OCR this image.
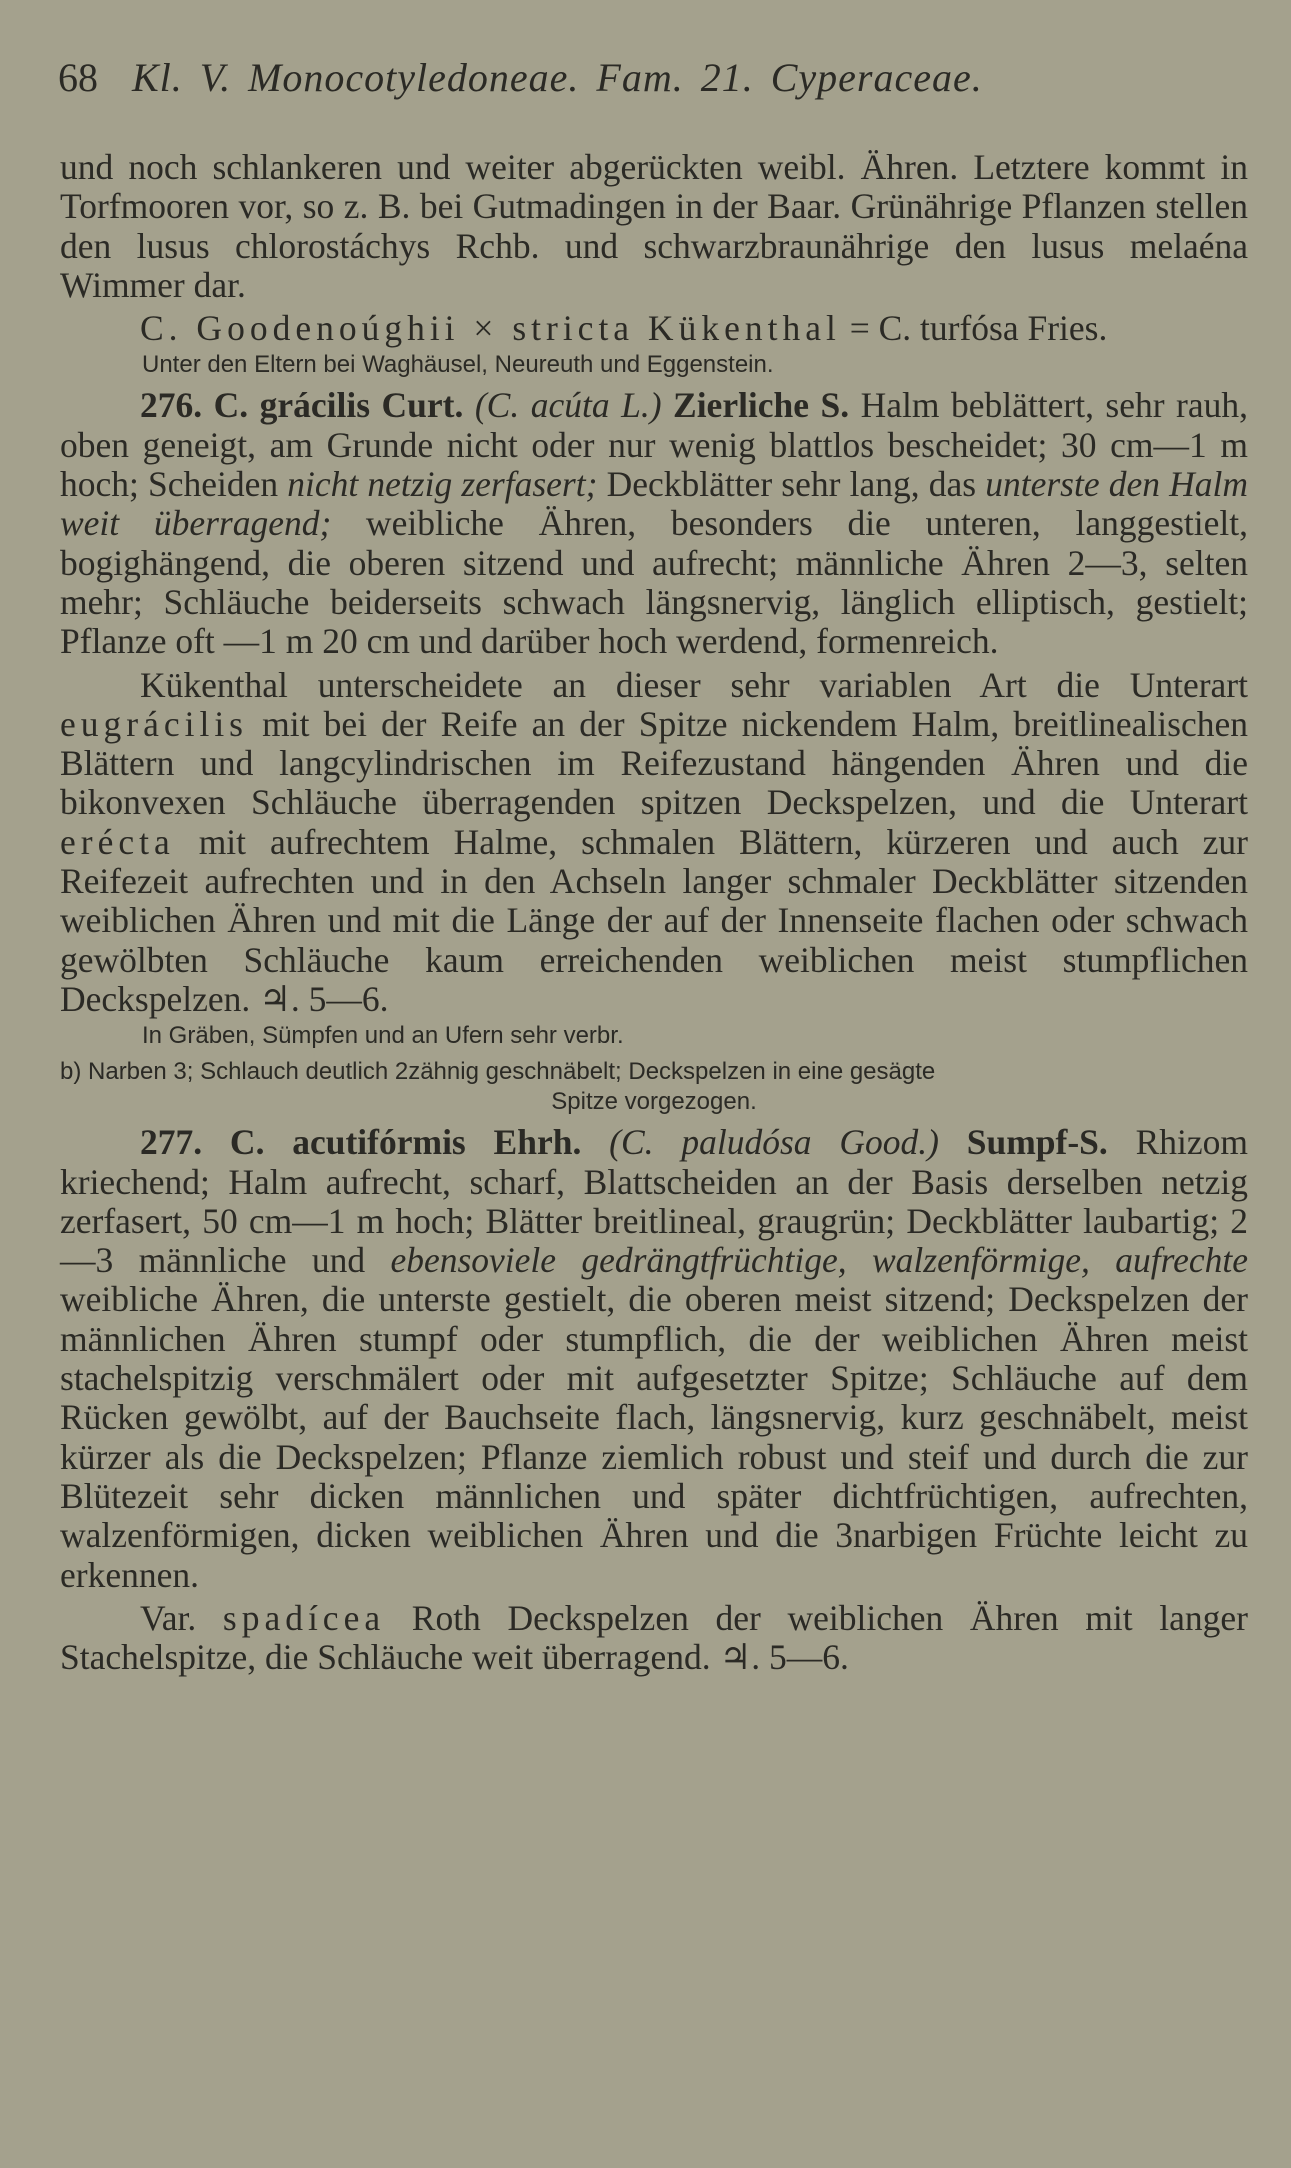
68 Kl. V. Monocotyledoneae. Fam. 21. Cyperaceae.

und noch schlankeren und weiter abgerückten weibl. Ähren. Letztere kommt in Torfmooren vor, so z. B. bei Gutmadingen in der Baar. Grünährige Pflanzen stellen den lusus chlorostáchys Rchb. und schwarzbraunährige den lusus melaéna Wimmer dar.

C. Goodenoúghii × stricta Kükenthal = C. turfósa Fries.

Unter den Eltern bei Waghäusel, Neureuth und Eggenstein.

276. C. grácilis Curt. (C. acúta L.) Zierliche S. Halm beblättert, sehr rauh, oben geneigt, am Grunde nicht oder nur wenig blattlos bescheidet; 30 cm—1 m hoch; Scheiden nicht netzig zerfasert; Deckblätter sehr lang, das unterste den Halm weit überragend; weibliche Ähren, besonders die unteren, langgestielt, bogighängend, die oberen sitzend und aufrecht; männliche Ähren 2—3, selten mehr; Schläuche beiderseits schwach längsnervig, länglich elliptisch, gestielt; Pflanze oft —1 m 20 cm und darüber hoch werdend, formenreich.

Kükenthal unterscheidete an dieser sehr variablen Art die Unterart eugrácilis mit bei der Reife an der Spitze nickendem Halm, breitlinealischen Blättern und langcylindrischen im Reifezustand hängenden Ähren und die bikonvexen Schläuche überragenden spitzen Deckspelzen, und die Unterart erécta mit aufrechtem Halme, schmalen Blättern, kürzeren und auch zur Reifezeit aufrechten und in den Achseln langer schmaler Deckblätter sitzenden weiblichen Ähren und mit die Länge der auf der Innenseite flachen oder schwach gewölbten Schläuche kaum erreichenden weiblichen meist stumpflichen Deckspelzen. ♃. 5—6.

In Gräben, Sümpfen und an Ufern sehr verbr.
b) Narben 3; Schlauch deutlich 2zähnig geschnäbelt; Deckspelzen in eine gesägte
Spitze vorgezogen.

277. C. acutifórmis Ehrh. (C. paludósa Good.) Sumpf-S. Rhizom kriechend; Halm aufrecht, scharf, Blattscheiden an der Basis derselben netzig zerfasert, 50 cm—1 m hoch; Blätter breitlineal, graugrün; Deckblätter laubartig; 2—3 männliche und ebensoviele gedrängtfrüchtige, walzenförmige, aufrechte weibliche Ähren, die unterste gestielt, die oberen meist sitzend; Deckspelzen der männlichen Ähren stumpf oder stumpflich, die der weiblichen Ähren meist stachelspitzig verschmälert oder mit aufgesetzter Spitze; Schläuche auf dem Rücken gewölbt, auf der Bauchseite flach, längsnervig, kurz geschnäbelt, meist kürzer als die Deckspelzen; Pflanze ziemlich robust und steif und durch die zur Blütezeit sehr dicken männlichen und später dichtfrüchtigen, aufrechten, walzenförmigen, dicken weiblichen Ähren und die 3narbigen Früchte leicht zu erkennen.

Var. spadícea Roth Deckspelzen der weiblichen Ähren mit langer Stachelspitze, die Schläuche weit überragend. ♃. 5—6.
